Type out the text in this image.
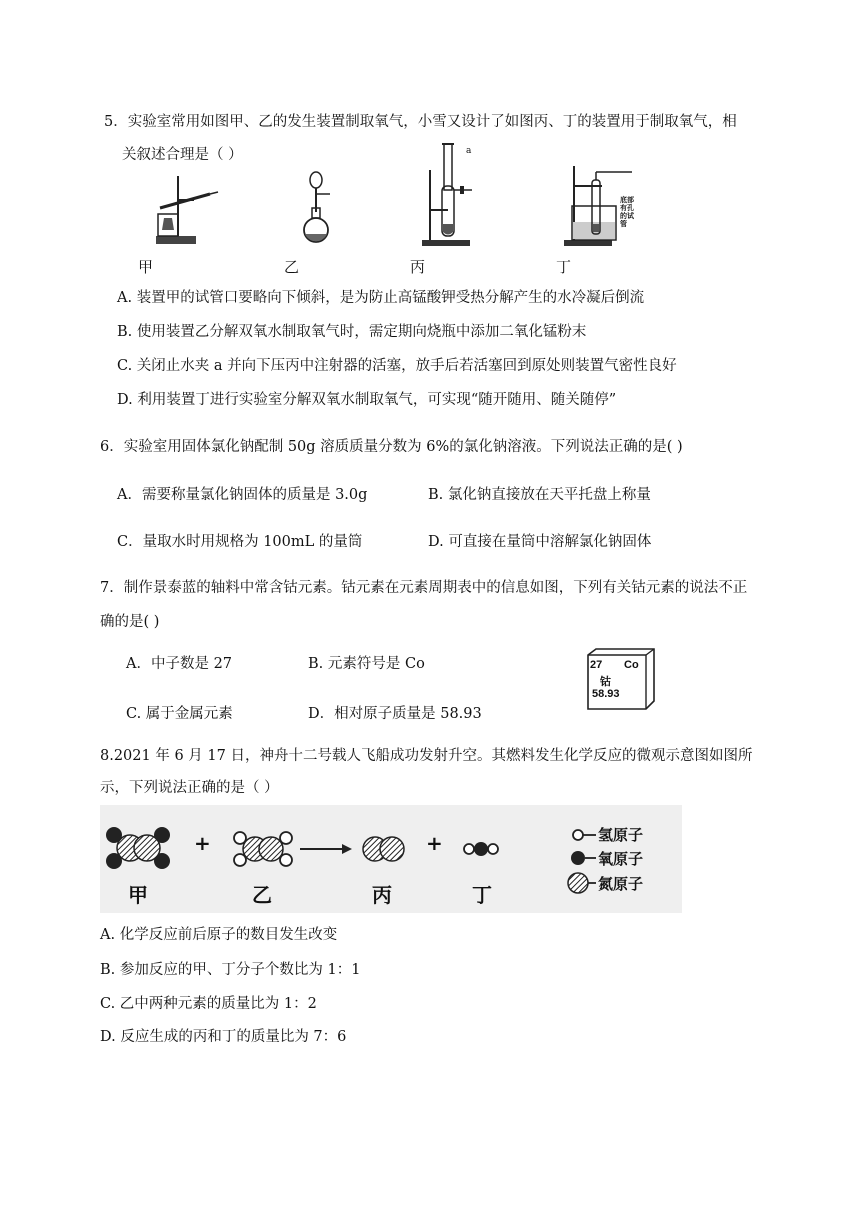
5．实验室常用如图甲、乙的发生装置制取氧气，小雪又设计了如图丙、丁的装置用于制取氧气，相
关叙述合理是（ ）	a
底部
有孔
的试
管
甲	乙	丙	丁
A. 装置甲的试管口要略向下倾斜，是为防止高锰酸钾受热分解产生的水冷凝后倒流
B. 使用装置乙分解双氧水制取氧气时，需定期向烧瓶中添加二氧化锰粉末
C. 关闭止水夹 a 并向下压丙中注射器的活塞，放手后若活塞回到原处则装置气密性良好
D. 利用装置丁进行实验室分解双氧水制取氧气，可实现“随开随用、随关随停”
6．实验室用固体氯化钠配制 50g 溶质质量分数为 6%的氯化钠溶液。下列说法正确的是( )
A．需要称量氯化钠固体的质量是 3.0g	B. 氯化钠直接放在天平托盘上称量
C．量取水时用规格为 100mL 的量筒	D. 可直接在量筒中溶解氯化钠固体
7．制作景泰蓝的轴料中常含钴元素。钴元素在元素周期表中的信息如图，下列有关钴元素的说法不正
确的是( )
A．中子数是 27	B. 元素符号是 Co
C. 属于金属元素	D．相对原子质量是 58.93
27 Co
钴
58.93
8.2021 年 6 月 17 日，神舟十二号载人飞船成功发射升空。其燃料发生化学反应的微观示意图如图所
示，下列说法正确的是（ ）
甲
+
乙	丙
+
丁
氢原子
氧原子
氮原子
A. 化学反应前后原子的数目发生改变
B. 参加反应的甲、丁分子个数比为 1：1
C. 乙中两种元素的质量比为 1：2
D. 反应生成的丙和丁的质量比为 7：6
